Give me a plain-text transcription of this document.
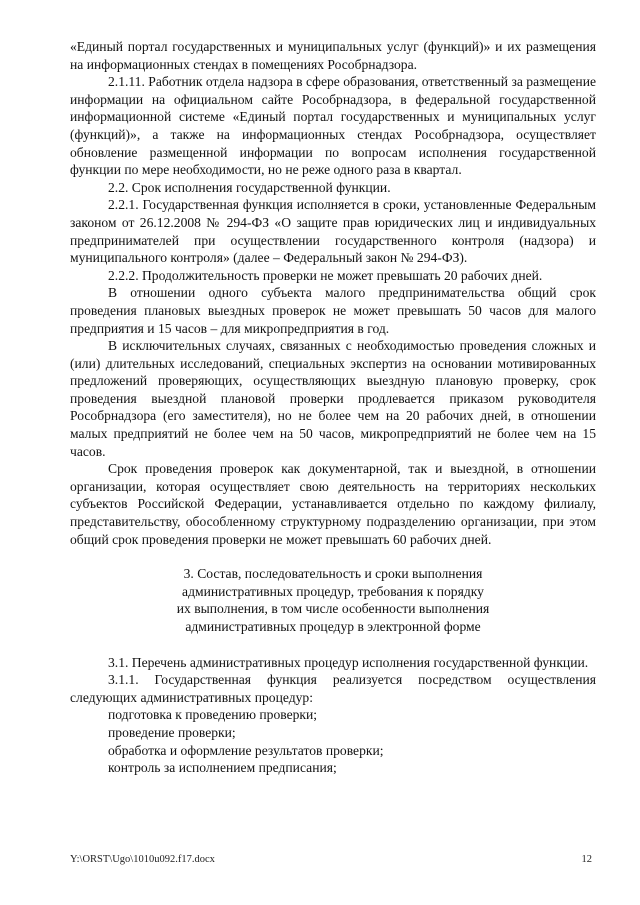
«Единый портал государственных и муниципальных услуг (функций)» и их размещения на информационных стендах в помещениях Рособрнадзора.

2.1.11. Работник отдела надзора в сфере образования, ответственный за размещение информации на официальном сайте Рособрнадзора, в федеральной государственной информационной системе «Единый портал государственных и муниципальных услуг (функций)», а также на информационных стендах Рособрнадзора, осуществляет обновление размещенной информации по вопросам исполнения государственной функции по мере необходимости, но не реже одного раза в квартал.

2.2. Срок исполнения государственной функции.

2.2.1. Государственная функция исполняется в сроки, установленные Федеральным законом от 26.12.2008 № 294-ФЗ «О защите прав юридических лиц и индивидуальных предпринимателей при осуществлении государственного контроля (надзора) и муниципального контроля» (далее – Федеральный закон № 294-ФЗ).

2.2.2. Продолжительность проверки не может превышать 20 рабочих дней.

В отношении одного субъекта малого предпринимательства общий срок проведения плановых выездных проверок не может превышать 50 часов для малого предприятия и 15 часов – для микропредприятия в год.

В исключительных случаях, связанных с необходимостью проведения сложных и (или) длительных исследований, специальных экспертиз на основании мотивированных предложений проверяющих, осуществляющих выездную плановую проверку, срок проведения выездной плановой проверки продлевается приказом руководителя Рособрнадзора (его заместителя), но не более чем на 20 рабочих дней, в отношении малых предприятий не более чем на 50 часов, микропредприятий не более чем на 15 часов.

Срок проведения проверок как документарной, так и выездной, в отношении организации, которая осуществляет свою деятельность на территориях нескольких субъектов Российской Федерации, устанавливается отдельно по каждому филиалу, представительству, обособленному структурному подразделению организации, при этом общий срок проведения проверки не может превышать 60 рабочих дней.

3. Состав, последовательность и сроки выполнения
административных процедур, требования к порядку
их выполнения, в том числе особенности выполнения
административных процедур в электронной форме

3.1. Перечень административных процедур исполнения государственной функции.

3.1.1. Государственная функция реализуется посредством осуществления следующих административных процедур:

подготовка к проведению проверки;

проведение проверки;

обработка и оформление результатов проверки;

контроль за исполнением предписания;

Y:\ORST\Ugo\1010u092.f17.docx	12
